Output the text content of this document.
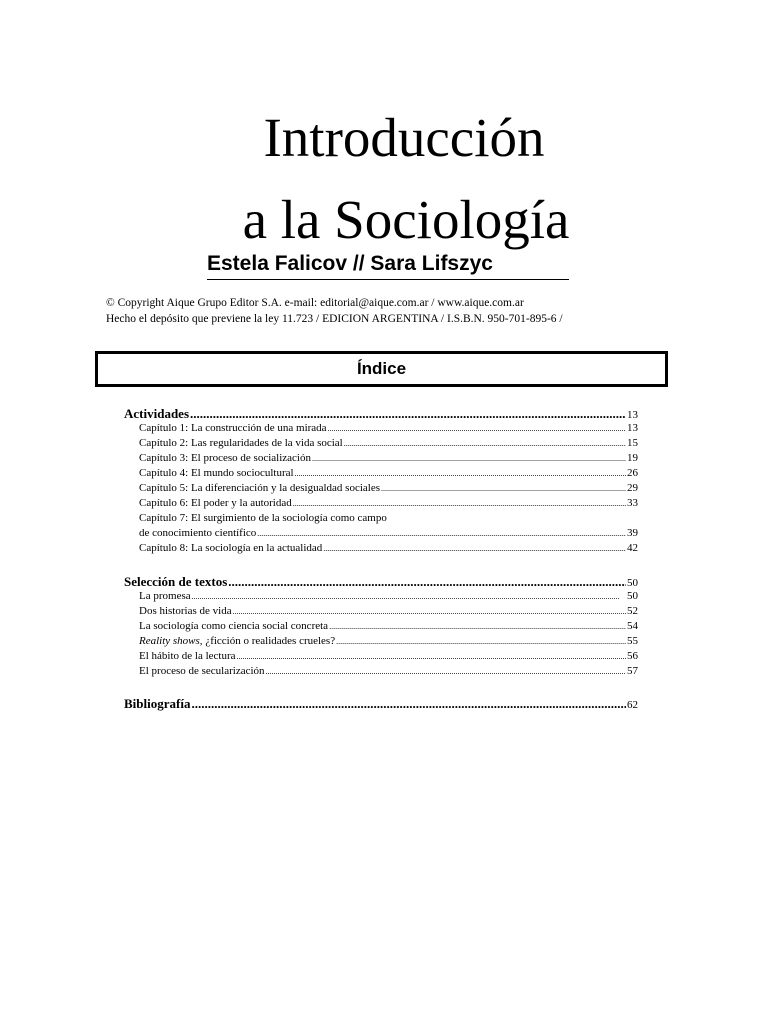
Introducción
a la Sociología
Estela Falicov // Sara Lifszyc
© Copyright Aique Grupo Editor S.A. e-mail: editorial@aique.com.ar / www.aique.com.ar
Hecho el depósito que previene la ley 11.723 / EDICION ARGENTINA / I.S.B.N. 950-701-895-6 /
Índice
Actividades .....	13
Capítulo 1: La construcción de una mirada .....	13
Capítulo 2: Las regularidades de la vida social .....	15
Capítulo 3: El proceso de socialización .....	19
Capítulo 4: El mundo sociocultural .....	26
Capítulo 5: La diferenciación y la desigualdad sociales .....	29
Capítulo 6: El poder y la autoridad .....	33
Capítulo 7: El surgimiento de la sociología como campo
de conocimiento científico .....	39
Capítulo 8: La sociología en la actualidad .....	42
Selección de textos .....	50
La promesa .....	50
Dos historias de vida .....	52
La sociología como ciencia social concreta .....	54
Reality shows, ¿ficción o realidades crueles? .....	55
El hábito de la lectura .....	56
El proceso de secularización .....	57
Bibliografía .....	62
